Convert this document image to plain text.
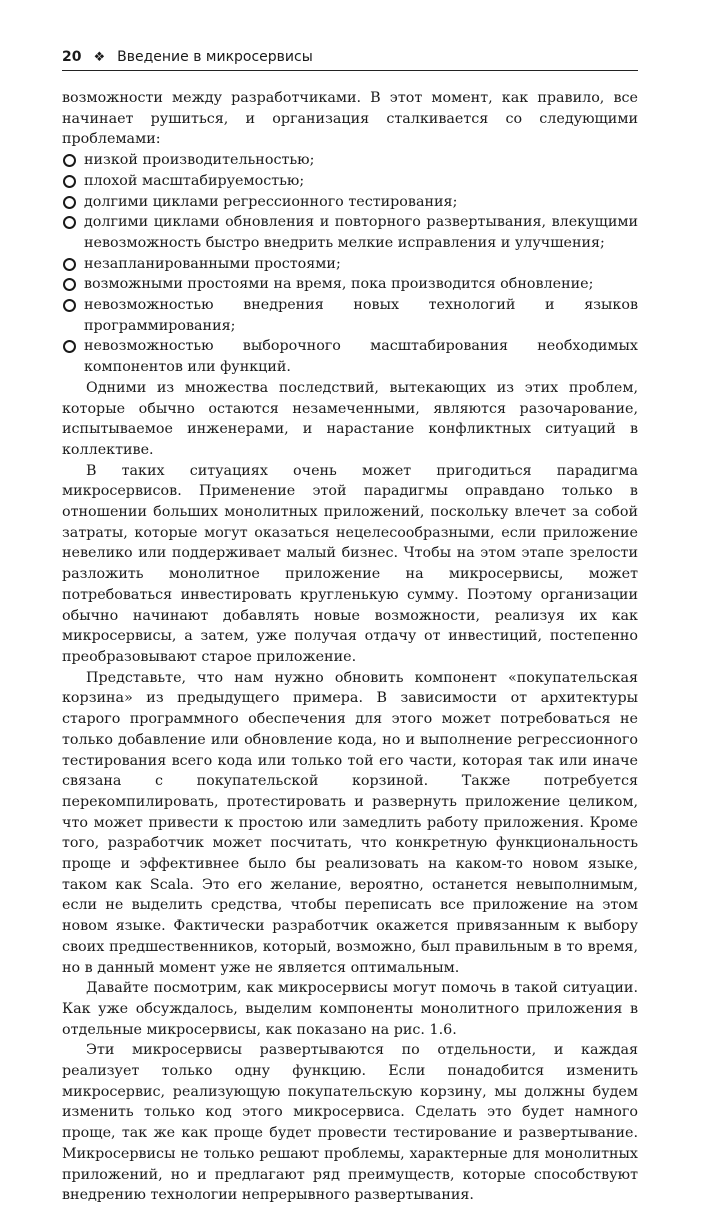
20 ❖ Введение в микросервисы

возможности между разработчиками. В этот момент, как правило, все начинает рушиться, и организация сталкивается со следующими проблемами:

низкой производительностью;
плохой масштабируемостью;
долгими циклами регрессионного тестирования;
долгими циклами обновления и повторного развертывания, влекущими невозможность быстро внедрить мелкие исправления и улучшения;
незапланированными простоями;
возможными простоями на время, пока производится обновление;
невозможностью внедрения новых технологий и языков программирования;
невозможностью выборочного масштабирования необходимых компонентов или функций.

Одними из множества последствий, вытекающих из этих проблем, которые обычно остаются незамеченными, являются разочарование, испытываемое инженерами, и нарастание конфликтных ситуаций в коллективе.

В таких ситуациях очень может пригодиться парадигма микросервисов. Применение этой парадигмы оправдано только в отношении больших монолитных приложений, поскольку влечет за собой затраты, которые могут оказаться нецелесообразными, если приложение невелико или поддерживает малый бизнес. Чтобы на этом этапе зрелости разложить монолитное приложение на микросервисы, может потребоваться инвестировать кругленькую сумму. Поэтому организации обычно начинают добавлять новые возможности, реализуя их как микросервисы, а затем, уже получая отдачу от инвестиций, постепенно преобразовывают старое приложение.

Представьте, что нам нужно обновить компонент «покупательская корзина» из предыдущего примера. В зависимости от архитектуры старого программного обеспечения для этого может потребоваться не только добавление или обновление кода, но и выполнение регрессионного тестирования всего кода или только той его части, которая так или иначе связана с покупательской корзиной. Также потребуется перекомпилировать, протестировать и развернуть приложение целиком, что может привести к простою или замедлить работу приложения. Кроме того, разработчик может посчитать, что конкретную функциональность проще и эффективнее было бы реализовать на каком-то новом языке, таком как Scala. Это его желание, вероятно, останется невыполнимым, если не выделить средства, чтобы переписать все приложение на этом новом языке. Фактически разработчик окажется привязанным к выбору своих предшественников, который, возможно, был правильным в то время, но в данный момент уже не является оптимальным.

Давайте посмотрим, как микросервисы могут помочь в такой ситуации. Как уже обсуждалось, выделим компоненты монолитного приложения в отдельные микросервисы, как показано на рис. 1.6.

Эти микросервисы развертываются по отдельности, и каждая реализует только одну функцию. Если понадобится изменить микросервис, реализующую покупательскую корзину, мы должны будем изменить только код этого микросервиса. Сделать это будет намного проще, так же как проще будет провести тестирование и развертывание. Микросервисы не только решают проблемы, характерные для монолитных приложений, но и предлагают ряд преимуществ, которые способствуют внедрению технологии непрерывного развертывания.
